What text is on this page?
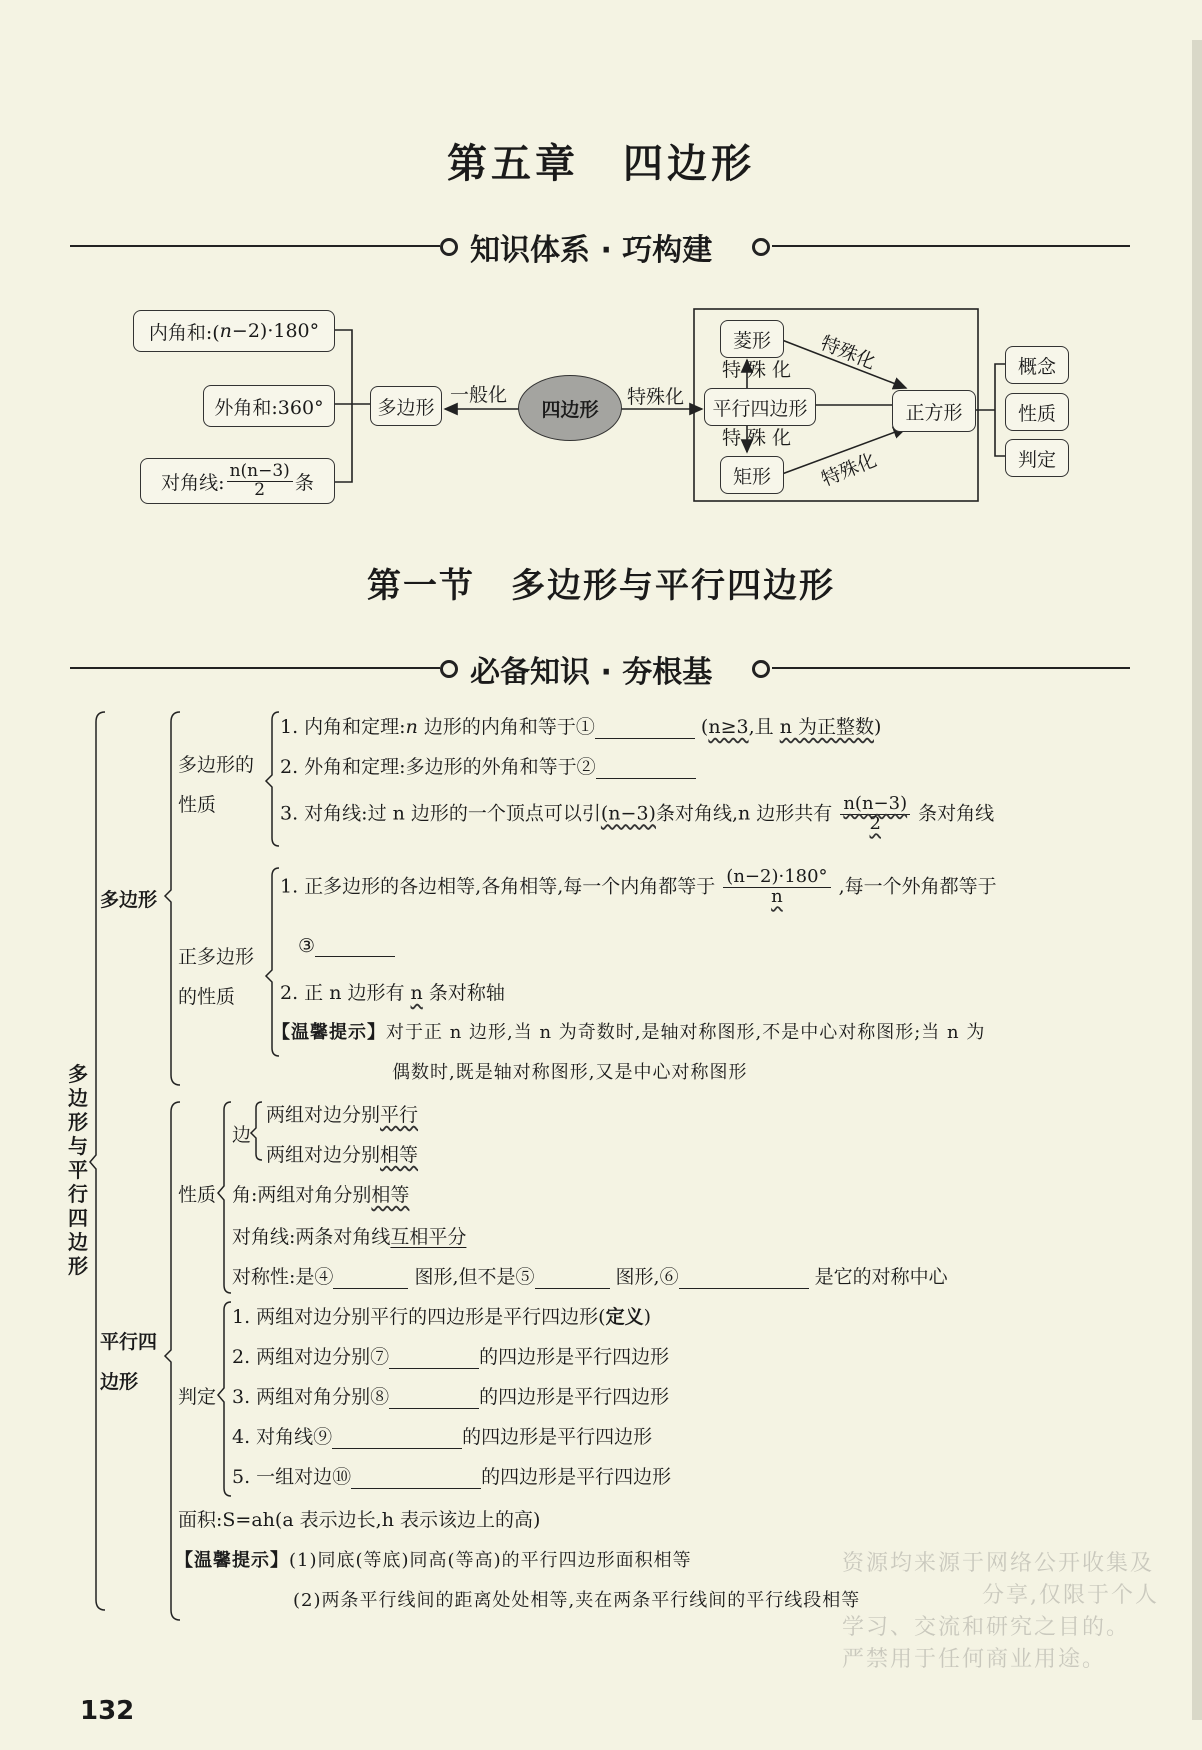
第五章　四边形
知识体系 · 巧构建
内角和:( n −2)·180°
外角和:360°
对角线: $\frac{n(n-3)}{2}$ 条
多边形
一般化
四边形
特殊化
菱形
平行四边形
矩形
特殊化
特殊化
特殊化
特殊化
正方形
概念
性质
判定
第一节　多边形与平行四边形
必备知识 · 夯根基
多边形与平行四边形
多边形
多边形的性质
正多边形的性质
平行四边形
性质
边
判定
1. 内角和定理:n 边形的内角和等于①	(n≥3,且 n 为正整数)
2. 外角和定理:多边形的外角和等于②
3. 对角线:过 n 边形的一个顶点可以引(n−3)条对角线,n 边形共有 $\frac{n(n-3)}{2}$ 条对角线
1. 正多边形的各边相等,各角相等,每一个内角都等于 $\frac{(n-2)\cdot 180^\circ}{n}$ ,每一个外角都等于
③
2. 正 n 边形有 n 条对称轴
【温馨提示】对于正 n 边形,当 n 为奇数时,是轴对称图形,不是中心对称图形;当 n 为
偶数时,既是轴对称图形,又是中心对称图形
两组对边分别平行
两组对边分别相等
角:两组对角分别相等
对角线:两条对角线互相平分
对称性:是④	图形,但不是⑤	图形,⑥	是它的对称中心
1. 两组对边分别平行的四边形是平行四边形(定义)
2. 两组对边分别⑦	的四边形是平行四边形
3. 两组对角分别⑧	的四边形是平行四边形
4. 对角线⑨	的四边形是平行四边形
5. 一组对边⑩	的四边形是平行四边形
面积:S=ah(a 表示边长,h 表示该边上的高)
【温馨提示】(1)同底(等底)同高(等高)的平行四边形面积相等
(2)两条平行线间的距离处处相等,夹在两条平行线间的平行线段相等
资源均来源于网络公开收集及
分享,仅限于个人
学习、交流和研究之目的。
严禁用于任何商业用途。
132
